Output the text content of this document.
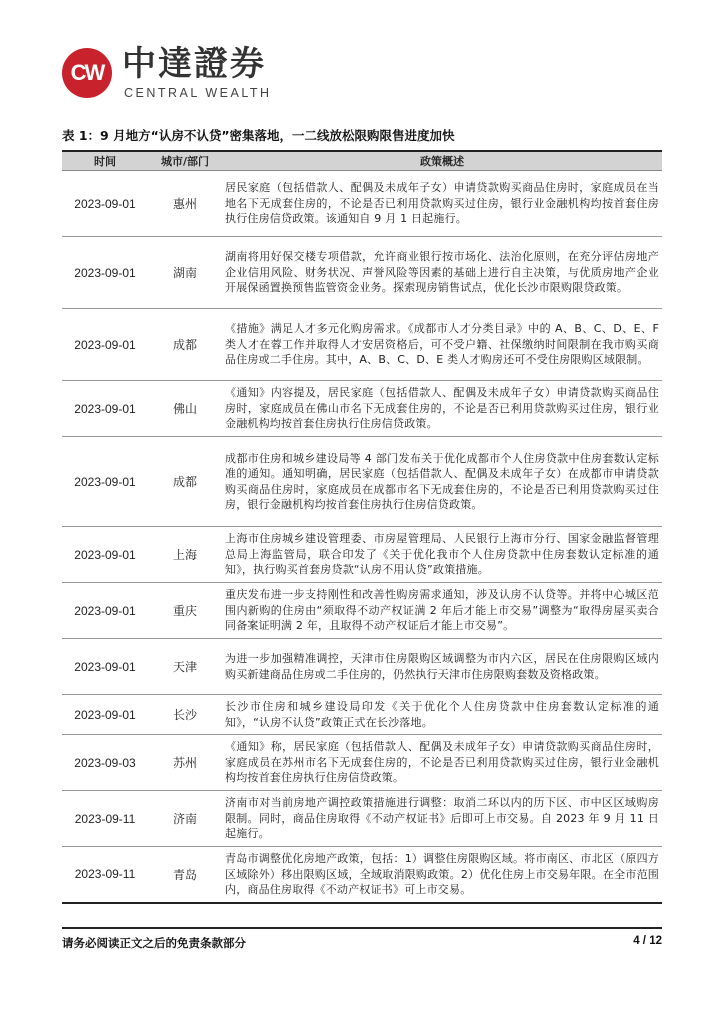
CW 中達證券
CENTRAL WEALTH
表 1：9 月地方“认房不认贷”密集落地，一二线放松限购限售进度加快
时间	城市/部门	政策概述
2023-09-01	惠州	居民家庭（包括借款人、配偶及未成年子女）申请贷款购买商品住房时，家庭成员在当地名下无成套住房的，不论是否已利用贷款购买过住房，银行业金融机构均按首套住房执行住房信贷政策。该通知自 9 月 1 日起施行。
2023-09-01	湖南	湖南将用好保交楼专项借款，允许商业银行按市场化、法治化原则，在充分评估房地产企业信用风险、财务状况、声誉风险等因素的基础上进行自主决策，与优质房地产企业开展保函置换预售监管资金业务。探索现房销售试点，优化长沙市限购限贷政策。
2023-09-01	成都	《措施》满足人才多元化购房需求。《成都市人才分类目录》中的 A、B、C、D、E、F 类人才在蓉工作并取得人才安居资格后，可不受户籍、社保缴纳时间限制在我市购买商品住房或二手住房。其中，A、B、C、D、E 类人才购房还可不受住房限购区域限制。
2023-09-01	佛山	《通知》内容提及，居民家庭（包括借款人、配偶及未成年子女）申请贷款购买商品住房时，家庭成员在佛山市名下无成套住房的，不论是否已利用贷款购买过住房，银行业金融机构均按首套住房执行住房信贷政策。
2023-09-01	成都	成都市住房和城乡建设局等 4 部门发布关于优化成都市个人住房贷款中住房套数认定标准的通知。通知明确，居民家庭（包括借款人、配偶及未成年子女）在成都市申请贷款购买商品住房时，家庭成员在成都市名下无成套住房的，不论是否已利用贷款购买过住房，银行金融机构均按首套住房执行住房信贷政策。
2023-09-01	上海	上海市住房城乡建设管理委、市房屋管理局、人民银行上海市分行、国家金融监督管理总局上海监管局，联合印发了《关于优化我市个人住房贷款中住房套数认定标准的通知》，执行购买首套房贷款“认房不用认贷”政策措施。
2023-09-01	重庆	重庆发布进一步支持刚性和改善性购房需求通知，涉及认房不认贷等。并将中心城区范围内新购的住房由“须取得不动产权证满 2 年后才能上市交易”调整为“取得房屋买卖合同备案证明满 2 年，且取得不动产权证后才能上市交易”。
2023-09-01	天津	为进一步加强精准调控，天津市住房限购区域调整为市内六区，居民在住房限购区域内购买新建商品住房或二手住房的，仍然执行天津市住房限购套数及资格政策。
2023-09-01	长沙	长沙市住房和城乡建设局印发《关于优化个人住房贷款中住房套数认定标准的通知》，“认房不认贷”政策正式在长沙落地。
2023-09-03	苏州	《通知》称，居民家庭（包括借款人、配偶及未成年子女）申请贷款购买商品住房时，家庭成员在苏州市名下无成套住房的，不论是否已利用贷款购买过住房，银行业金融机构均按首套住房执行住房信贷政策。
2023-09-11	济南	济南市对当前房地产调控政策措施进行调整：取消二环以内的历下区、市中区区域购房限制。同时，商品住房取得《不动产权证书》后即可上市交易。自 2023 年 9 月 11 日起施行。
2023-09-11	青岛	青岛市调整优化房地产政策，包括：1）调整住房限购区域。将市南区、市北区（原四方区域除外）移出限购区域，全域取消限购政策。2）优化住房上市交易年限。在全市范围内，商品住房取得《不动产权证书》可上市交易。
请务必阅读正文之后的免责条款部分	4 / 12
